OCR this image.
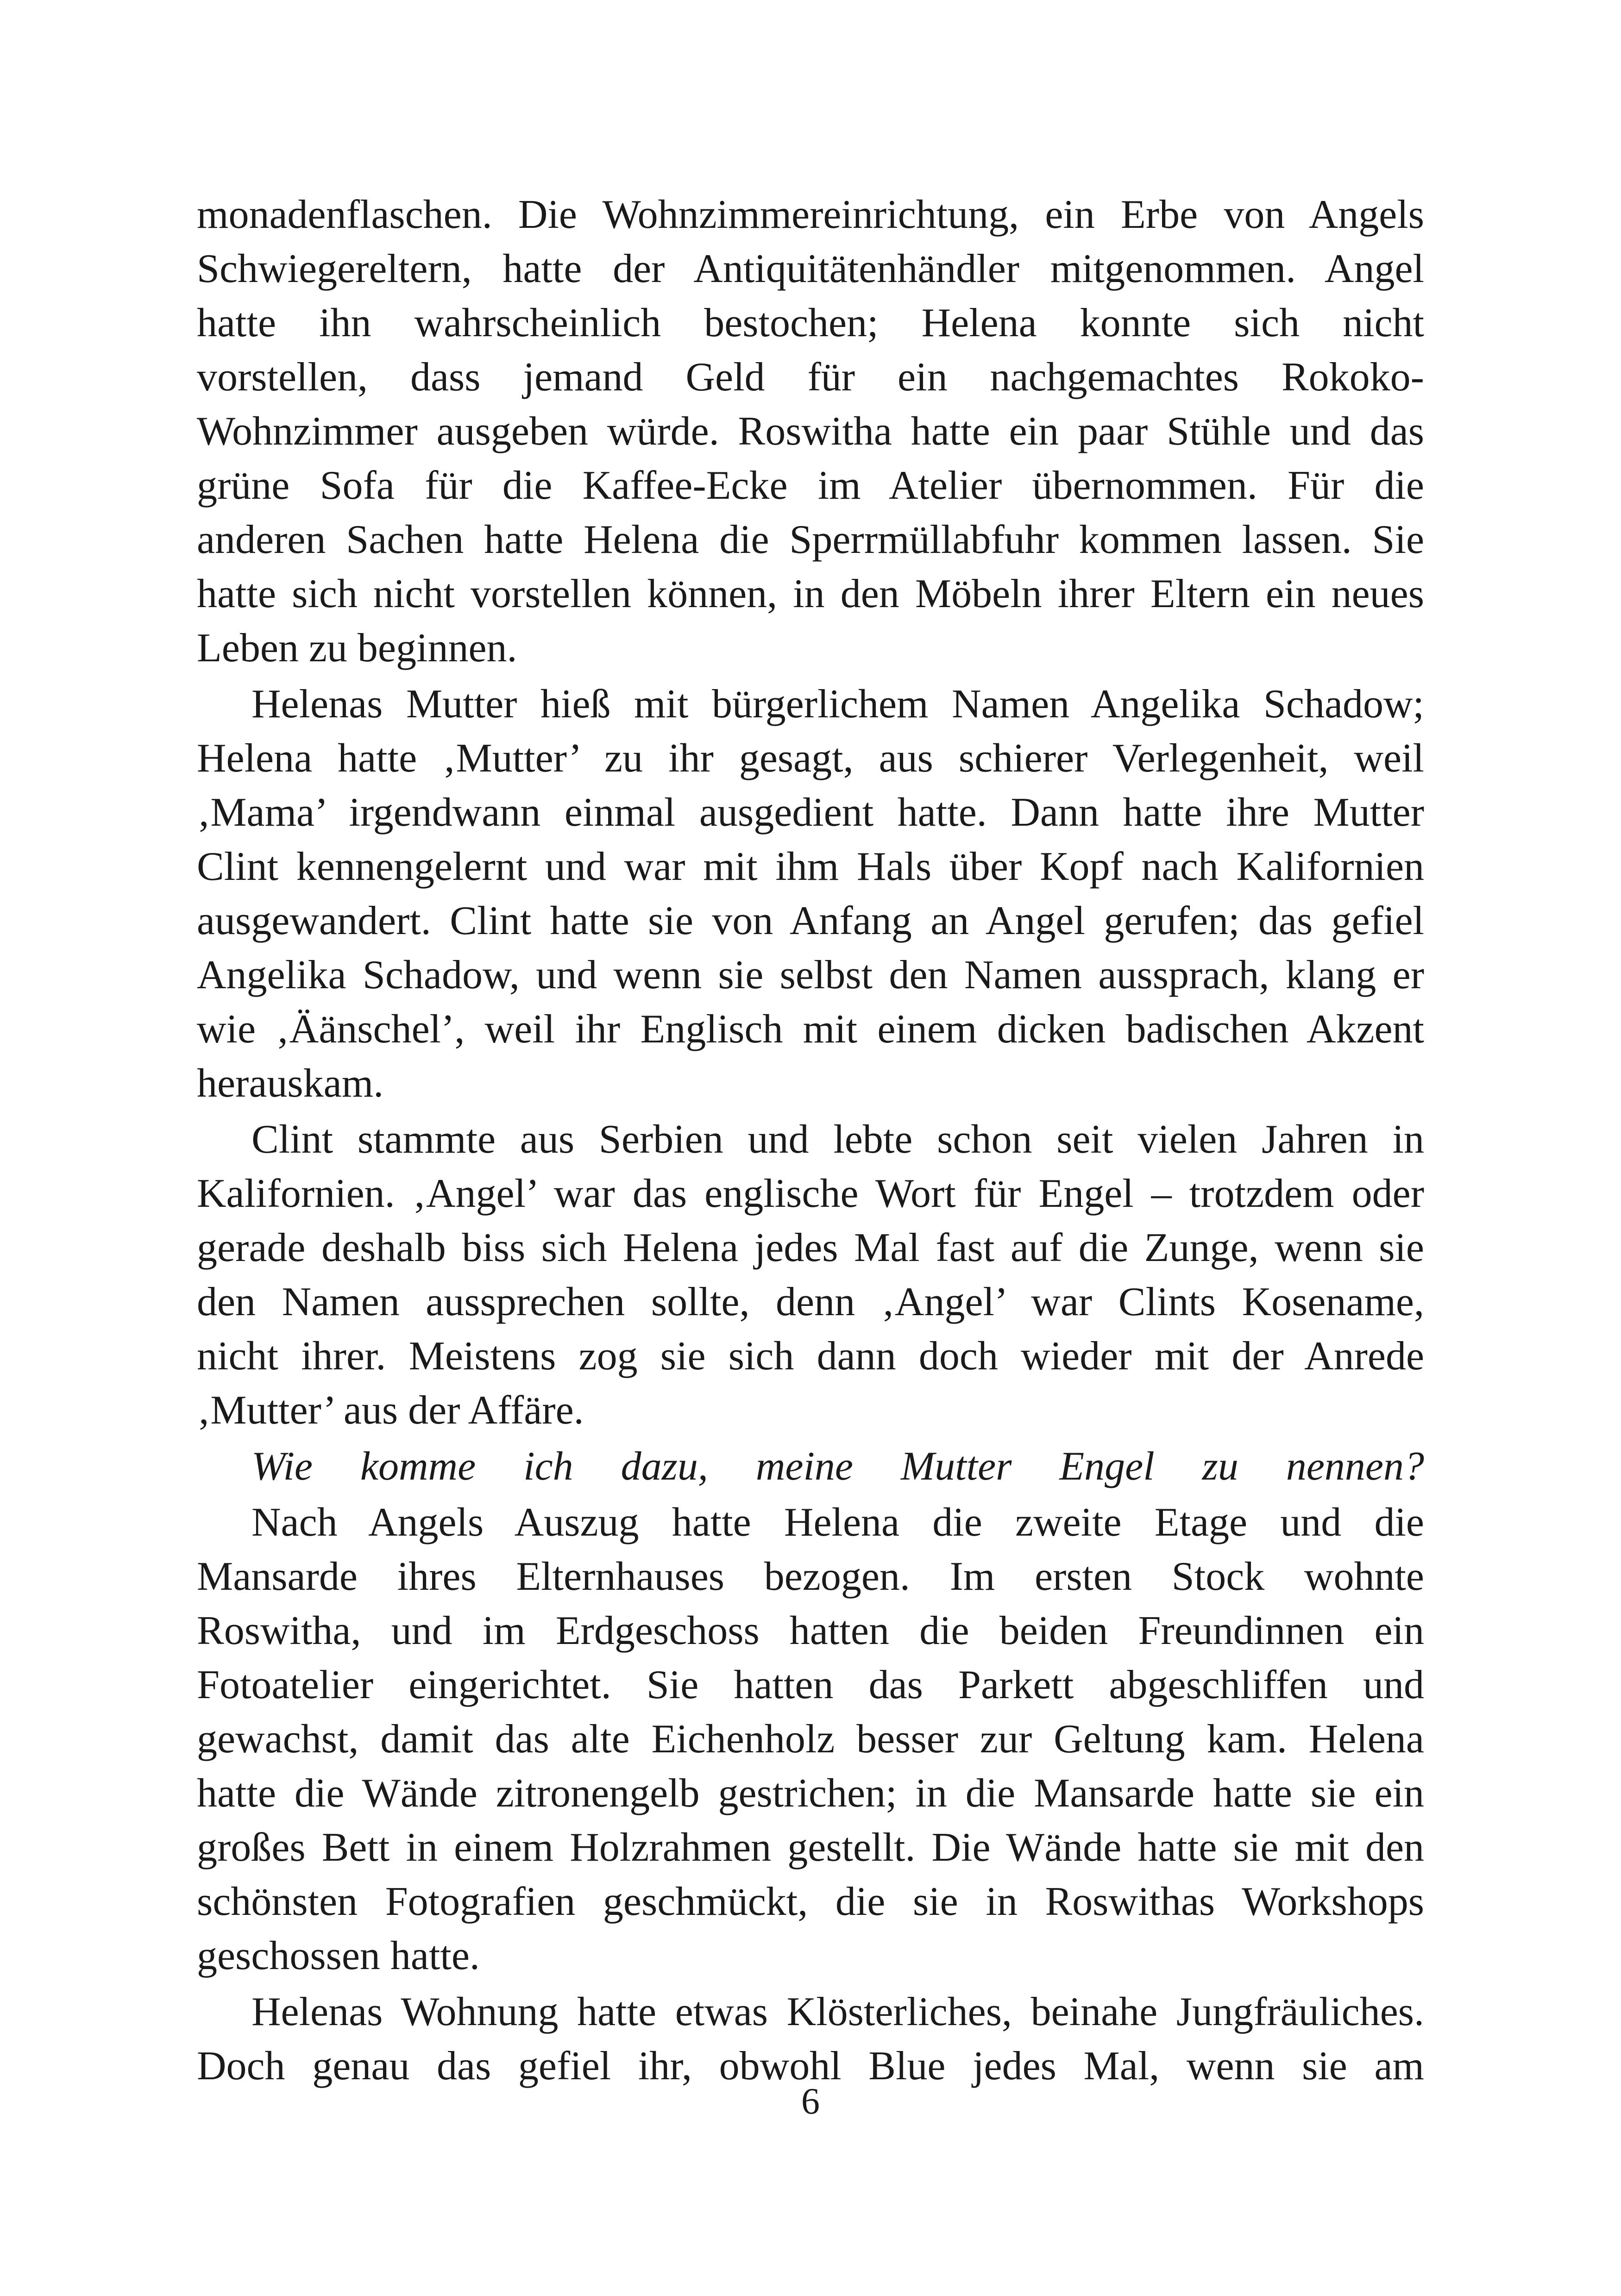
monadenflaschen. Die Wohnzimmereinrichtung, ein Erbe von Angels
Schwiegereltern, hatte der Antiquitätenhändler mitgenommen. Angel
hatte ihn wahrscheinlich bestochen; Helena konnte sich nicht
vorstellen, dass jemand Geld für ein nachgemachtes Rokoko-
Wohnzimmer ausgeben würde. Roswitha hatte ein paar Stühle und das
grüne Sofa für die Kaffee-Ecke im Atelier übernommen. Für die
anderen Sachen hatte Helena die Sperrmüllabfuhr kommen lassen. Sie
hatte sich nicht vorstellen können, in den Möbeln ihrer Eltern ein neues
Leben zu beginnen.
Helenas Mutter hieß mit bürgerlichem Namen Angelika Schadow;
Helena hatte ‚Mutter’ zu ihr gesagt, aus schierer Verlegenheit, weil
‚Mama’ irgendwann einmal ausgedient hatte. Dann hatte ihre Mutter
Clint kennengelernt und war mit ihm Hals über Kopf nach Kalifornien
ausgewandert. Clint hatte sie von Anfang an Angel gerufen; das gefiel
Angelika Schadow, und wenn sie selbst den Namen aussprach, klang er
wie ‚Äänschel’, weil ihr Englisch mit einem dicken badischen Akzent
herauskam.
Clint stammte aus Serbien und lebte schon seit vielen Jahren in
Kalifornien. ‚Angel’ war das englische Wort für Engel – trotzdem oder
gerade deshalb biss sich Helena jedes Mal fast auf die Zunge, wenn sie
den Namen aussprechen sollte, denn ‚Angel’ war Clints Kosename,
nicht ihrer. Meistens zog sie sich dann doch wieder mit der Anrede
‚Mutter’ aus der Affäre.
Wie komme ich dazu, meine Mutter Engel zu nennen?
Nach Angels Auszug hatte Helena die zweite Etage und die
Mansarde ihres Elternhauses bezogen. Im ersten Stock wohnte
Roswitha, und im Erdgeschoss hatten die beiden Freundinnen ein
Fotoatelier eingerichtet. Sie hatten das Parkett abgeschliffen und
gewachst, damit das alte Eichenholz besser zur Geltung kam. Helena
hatte die Wände zitronengelb gestrichen; in die Mansarde hatte sie ein
großes Bett in einem Holzrahmen gestellt. Die Wände hatte sie mit den
schönsten Fotografien geschmückt, die sie in Roswithas Workshops
geschossen hatte.
Helenas Wohnung hatte etwas Klösterliches, beinahe Jungfräuliches.
Doch genau das gefiel ihr, obwohl Blue jedes Mal, wenn sie am
6
